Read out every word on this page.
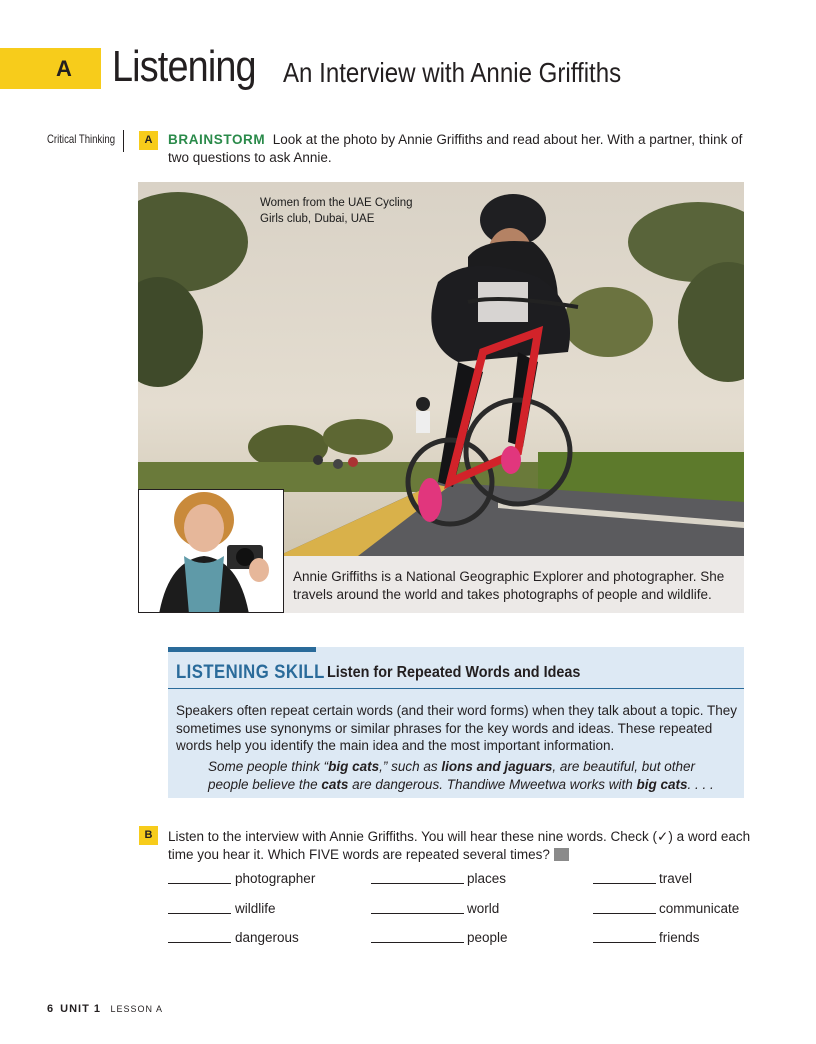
A Listening An Interview with Annie Griffiths
Critical Thinking	A	BRAINSTORM Look at the photo by Annie Griffiths and read about her. With a partner, think of two questions to ask Annie.
Women from the UAE Cycling
Girls club, Dubai, UAE
Annie Griffiths is a National Geographic Explorer and photographer. She travels around the world and takes photographs of people and wildlife.
LISTENING SKILL Listen for Repeated Words and Ideas
Speakers often repeat certain words (and their word forms) when they talk about a topic. They sometimes use synonyms or similar phrases for the key words and ideas. These repeated words help you identify the main idea and the most important information.
Some people think “big cats,” such as lions and jaguars, are beautiful, but other people believe the cats are dangerous. Thandiwe Mweetwa works with big cats. . . .
B	Listen to the interview with Annie Griffiths. You will hear these nine words. Check (✓) a word each time you hear it. Which FIVE words are repeated several times?
photographer	places	travel
wildlife	world	communicate
dangerous	people	friends
6 UNIT 1 LESSON A
